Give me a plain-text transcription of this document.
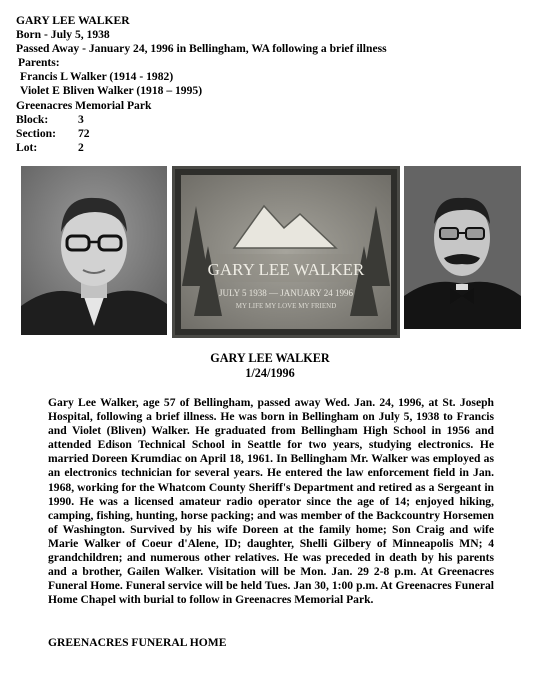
GARY LEE WALKER
Born - July 5, 1938
Passed Away - January 24, 1996 in Bellingham, WA following a brief illness
Parents:
Francis L Walker (1914 - 1982)
Violet E Bliven Walker (1918 – 1995)
Greenacres Memorial Park
Block:	3
Section:	72
Lot:	2
GARY LEE WALKER
JULY 5 1938 — JANUARY 24 1996
MY LIFE MY LOVE MY FRIEND
GARY LEE WALKER
1/24/1996
Gary Lee Walker, age 57 of Bellingham, passed away Wed. Jan. 24, 1996, at St. Joseph Hospital, following a brief illness. He was born in Bellingham on July 5, 1938 to Francis and Violet (Bliven) Walker. He graduated from Bellingham High School in 1956 and attended Edison Technical School in Seattle for two years, studying electronics. He married Doreen Krumdiac on April 18, 1961. In Bellingham Mr. Walker was employed as an electronics technician for several years. He entered the law enforcement field in Jan. 1968, working for the Whatcom County Sheriff's Department and retired as a Sergeant in 1990. He was a licensed amateur radio operator since the age of 14; enjoyed hiking, camping, fishing, hunting, horse packing; and was member of the Backcountry Horsemen of Washington. Survived by his wife Doreen at the family home; Son Craig and wife Marie Walker of Coeur d'Alene, ID; daughter, Shelli Gilbery of Minneapolis MN; 4 grandchildren; and numerous other relatives. He was preceded in death by his parents and a brother, Gailen Walker. Visitation will be Mon. Jan. 29 2-8 p.m. At Greenacres Funeral Home. Funeral service will be held Tues. Jan 30, 1:00 p.m. At Greenacres Funeral Home Chapel with burial to follow in Greenacres Memorial Park.
GREENACRES FUNERAL HOME
